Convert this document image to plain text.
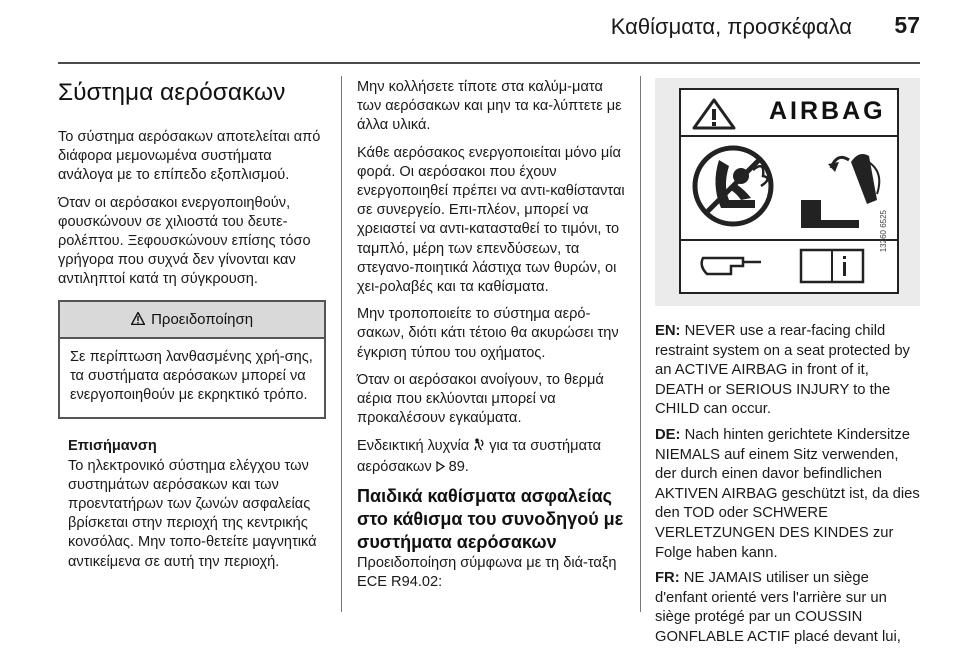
Καθίσματα, προσκέφαλα 57
Σύστημα αερόσακων

Το σύστημα αερόσακων αποτελείται από διάφορα μεμονωμένα συστήματα ανάλογα με το επίπεδο εξοπλισμού.

Όταν οι αερόσακοι ενεργοποιηθούν, φουσκώνουν σε χιλιοστά του δευτε-ρολέπτου. Ξεφουσκώνουν επίσης τόσο γρήγορα που συχνά δεν γίνονται καν αντιληπτοί κατά τη σύγκρουση.

Προειδοποίηση
Σε περίπτωση λανθασμένης χρή-σης, τα συστήματα αερόσακων μπορεί να ενεργοποιηθούν με εκρηκτικό τρόπο.
Επισήμανση
Το ηλεκτρονικό σύστημα ελέγχου των συστημάτων αερόσακων και των προεντατήρων των ζωνών ασφαλείας βρίσκεται στην περιοχή της κεντρικής κονσόλας. Μην τοπο-θετείτε μαγνητικά αντικείμενα σε αυτή την περιοχή.

Μην κολλήσετε τίποτε στα καλύμ-ματα των αερόσακων και μην τα κα-λύπτετε με άλλα υλικά.

Κάθε αερόσακος ενεργοποιείται μόνο μία φορά. Οι αερόσακοι που έχουν ενεργοποιηθεί πρέπει να αντι-καθίστανται σε συνεργείο. Επι-πλέον, μπορεί να χρειαστεί να αντι-κατασταθεί το τιμόνι, το ταμπλό, μέρη των επενδύσεων, τα στεγανο-ποιητικά λάστιχα των θυρών, οι χει-ρολαβές και τα καθίσματα.

Μην τροποποιείτε το σύστημα αερό-σακων, διότι κάτι τέτοιο θα ακυρώσει την έγκριση τύπου του οχήματος.

Όταν οι αερόσακοι ανοίγουν, το θερμά αέρια που εκλύονται μπορεί να προκαλέσουν εγκαύματα.

Ενδεικτική λυχνία για τα συστήματα αερόσακων 89.

Παιδικά καθίσματα ασφαλείας στο κάθισμα του συνοδηγού με συστήματα αερόσακων

Προειδοποίηση σύμφωνα με τη διά-ταξη ECE R94.02:

AIRBAG
13260 6525

EN: NEVER use a rear-facing child restraint system on a seat protected by an ACTIVE AIRBAG in front of it, DEATH or SERIOUS INJURY to the CHILD can occur.

DE: Nach hinten gerichtete Kindersitze NIEMALS auf einem Sitz verwenden, der durch einen davor befindlichen AKTIVEN AIRBAG geschützt ist, da dies den TOD oder SCHWERE VERLETZUNGEN DES KINDES zur Folge haben kann.

FR: NE JAMAIS utiliser un siège d'enfant orienté vers l'arrière sur un siège protégé par un COUSSIN GONFLABLE ACTIF placé devant lui,
